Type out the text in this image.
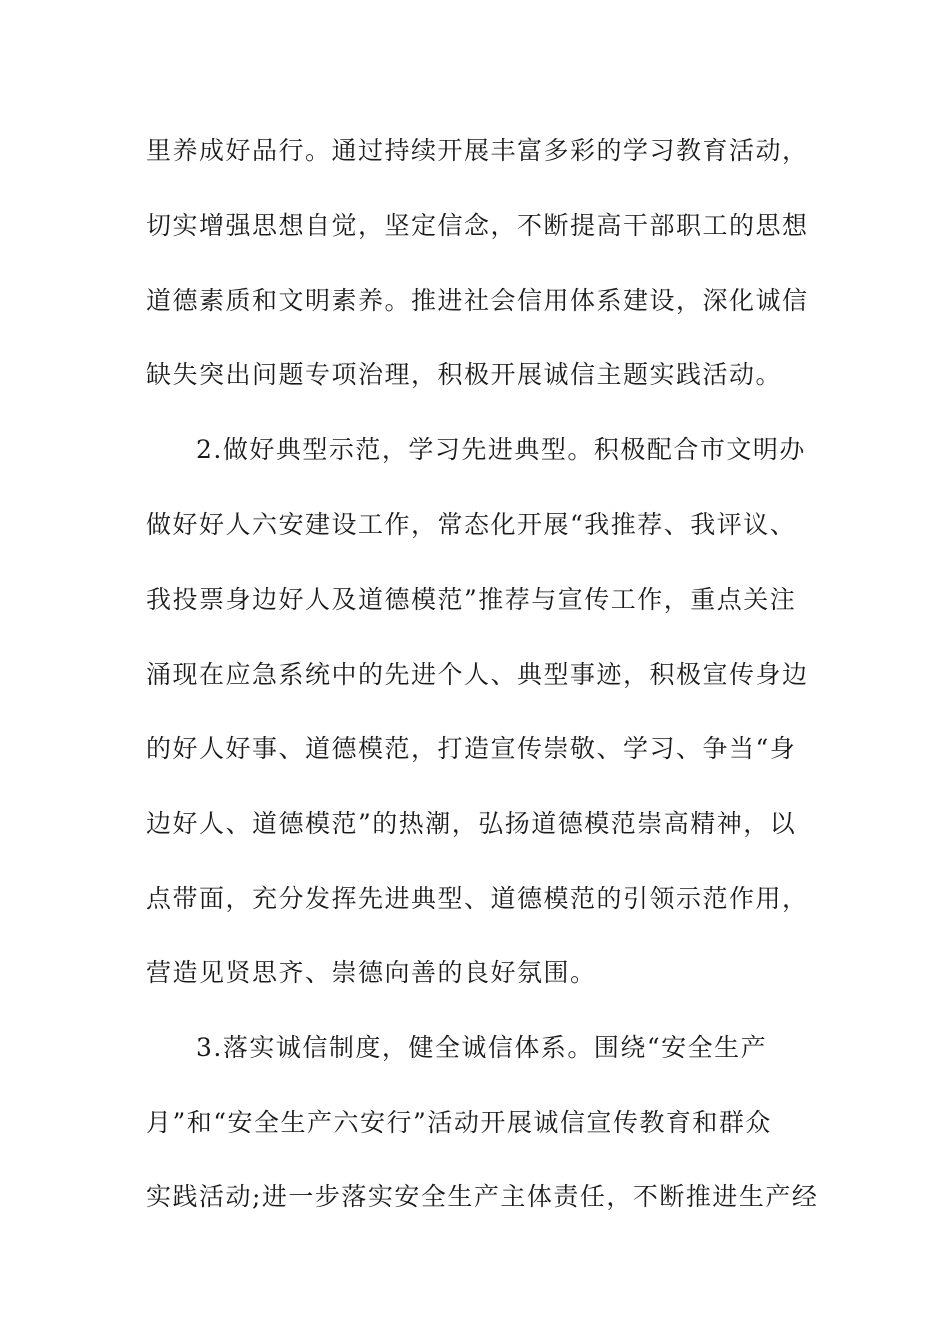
里养成好品行。通过持续开展丰富多彩的学习教育活动，
切实增强思想自觉，坚定信念，不断提高干部职工的思想
道德素质和文明素养。推进社会信用体系建设，深化诚信
缺失突出问题专项治理，积极开展诚信主题实践活动。
2.做好典型示范，学习先进典型。积极配合市文明办
做好好人六安建设工作，常态化开展“我推荐、我评议、
我投票身边好人及道德模范”推荐与宣传工作，重点关注
涌现在应急系统中的先进个人、典型事迹，积极宣传身边
的好人好事、道德模范，打造宣传崇敬、学习、争当“身
边好人、道德模范”的热潮，弘扬道德模范崇高精神，以
点带面，充分发挥先进典型、道德模范的引领示范作用，
营造见贤思齐、崇德向善的良好氛围。
3.落实诚信制度，健全诚信体系。围绕“安全生产
月”和“安全生产六安行”活动开展诚信宣传教育和群众
实践活动;进一步落实安全生产主体责任，不断推进生产经
